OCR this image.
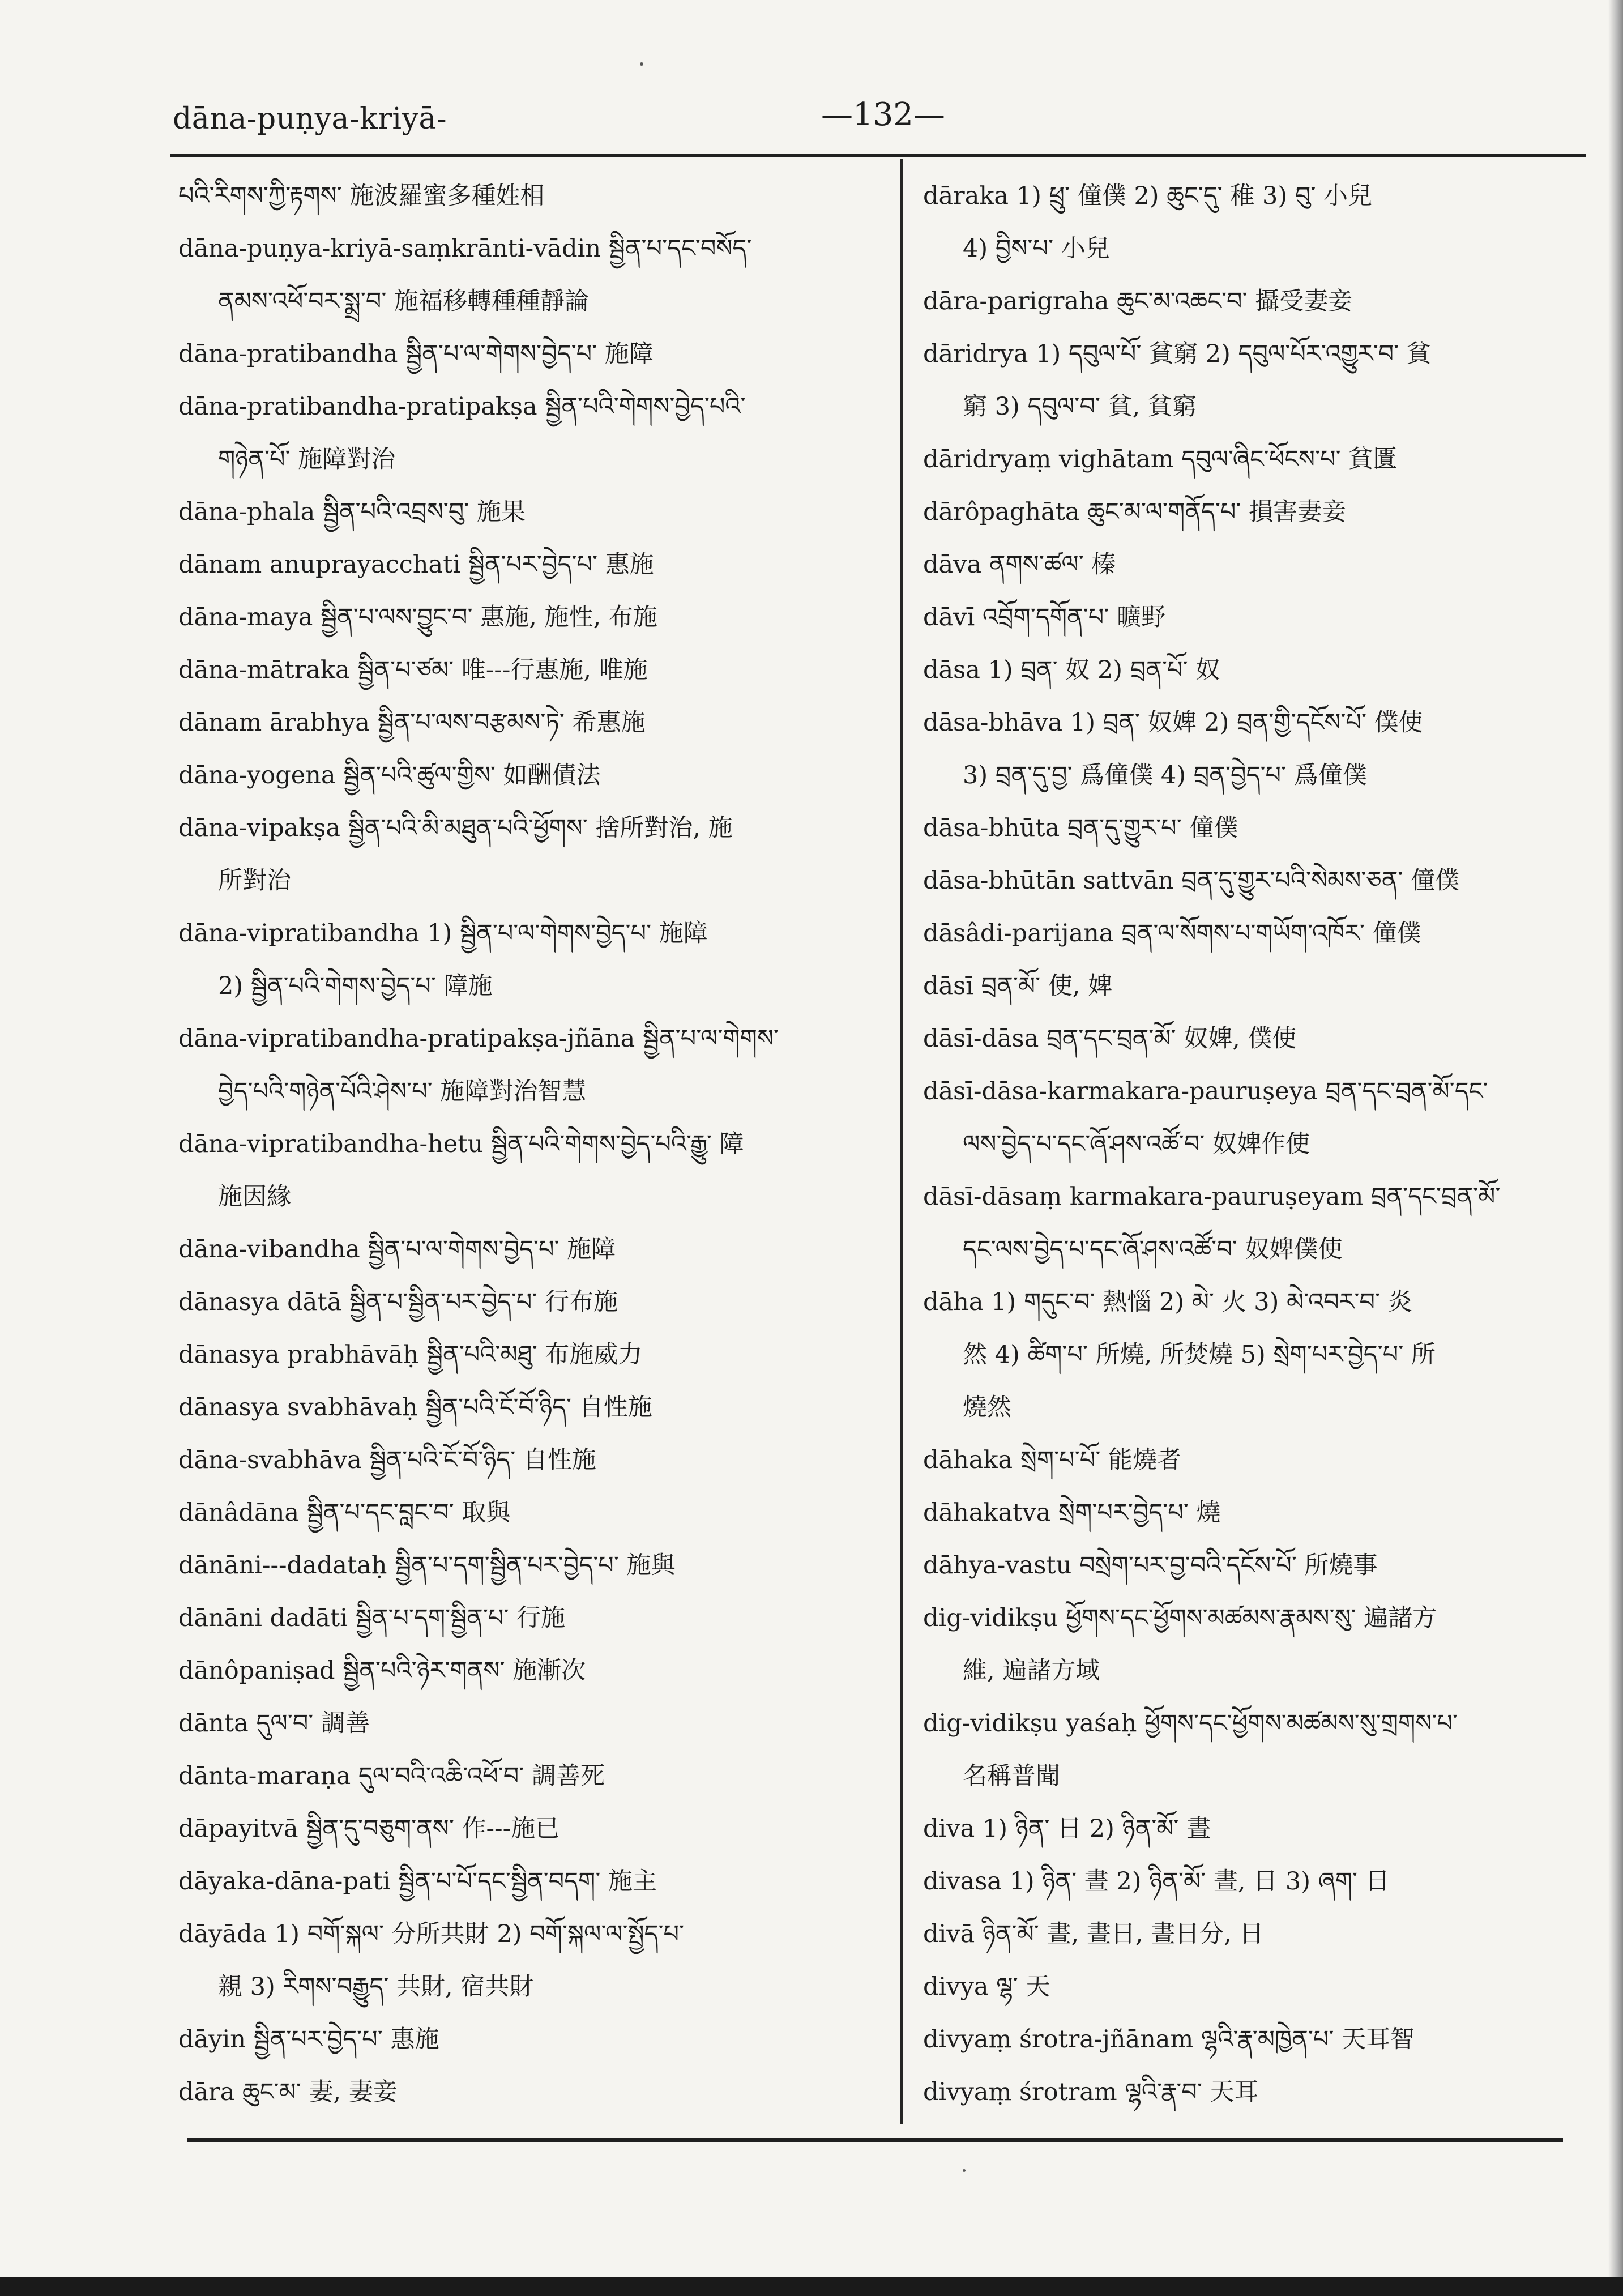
dāna-puṇya-kriyā-	—132—
པའི་རིགས་ཀྱི་རྟགས་ 施波羅蜜多種姓相
dāna-puṇya-kriyā-saṃkrānti-vādin སྦྱིན་པ་དང་བསོད་
ནམས་འཕོ་བར་སྨྲ་བ་ 施福移轉種種靜論
dāna-pratibandha སྦྱིན་པ་ལ་གེགས་བྱེད་པ་ 施障
dāna-pratibandha-pratipakṣa སྦྱིན་པའི་གེགས་བྱེད་པའི་
གཉེན་པོ་ 施障對治
dāna-phala སྦྱིན་པའི་འབྲས་བུ་ 施果
dānam anuprayacchati སྦྱིན་པར་བྱེད་པ་ 惠施
dāna-maya སྦྱིན་པ་ལས་བྱུང་བ་ 惠施, 施性, 布施
dāna-mātraka སྦྱིན་པ་ཙམ་ 唯---行惠施, 唯施
dānam ārabhya སྦྱིན་པ་ལས་བརྩམས་ཏེ་ 希惠施
dāna-yogena སྦྱིན་པའི་ཚུལ་གྱིས་ 如酬債法
dāna-vipakṣa སྦྱིན་པའི་མི་མཐུན་པའི་ཕྱོགས་ 捨所對治, 施
所對治
dāna-vipratibandha 1) སྦྱིན་པ་ལ་གེགས་བྱེད་པ་ 施障
2) སྦྱིན་པའི་གེགས་བྱེད་པ་ 障施
dāna-vipratibandha-pratipakṣa-jñāna སྦྱིན་པ་ལ་གེགས་
བྱེད་པའི་གཉེན་པོའི་ཤེས་པ་ 施障對治智慧
dāna-vipratibandha-hetu སྦྱིན་པའི་གེགས་བྱེད་པའི་རྒྱུ་ 障
施因緣
dāna-vibandha སྦྱིན་པ་ལ་གེགས་བྱེད་པ་ 施障
dānasya dātā སྦྱིན་པ་སྦྱིན་པར་བྱེད་པ་ 行布施
dānasya prabhāvāḥ སྦྱིན་པའི་མཐུ་ 布施威力
dānasya svabhāvaḥ སྦྱིན་པའི་ངོ་བོ་ཉིད་ 自性施
dāna-svabhāva སྦྱིན་པའི་ངོ་བོ་ཉིད་ 自性施
dānâdāna སྦྱིན་པ་དང་བླང་བ་ 取與
dānāni---dadataḥ སྦྱིན་པ་དག་སྦྱིན་པར་བྱེད་པ་ 施與
dānāni dadāti སྦྱིན་པ་དག་སྦྱིན་པ་ 行施
dānôpaniṣad སྦྱིན་པའི་ཉེར་གནས་ 施漸次
dānta དུལ་བ་ 調善
dānta-maraṇa དུལ་བའི་འཆི་འཕོ་བ་ 調善死
dāpayitvā སྦྱིན་དུ་བཅུག་ནས་ 作---施已
dāyaka-dāna-pati སྦྱིན་པ་པོ་དང་སྦྱིན་བདག་ 施主
dāyāda 1) བགོ་སྐལ་ 分所共財 2) བགོ་སྐལ་ལ་སྤྱོད་པ་
親 3) རིགས་བརྒྱུད་ 共財, 宿共財
dāyin སྦྱིན་པར་བྱེད་པ་ 惠施
dāra ཆུང་མ་ 妻, 妻妾
dāraka 1) ཕྲུ་ 僮僕 2) ཆུང་དུ་ 稚 3) བུ་ 小兒
4) བྱིས་པ་ 小兒
dāra-parigraha ཆུང་མ་འཆང་བ་ 攝受妻妾
dāridrya 1) དབུལ་པོ་ 貧窮 2) དབུལ་པོར་འགྱུར་བ་ 貧
窮 3) དབུལ་བ་ 貧, 貧窮
dāridryaṃ vighātam དབུལ་ཞིང་ཕོངས་པ་ 貧匱
dārôpaghāta ཆུང་མ་ལ་གནོད་པ་ 損害妻妾
dāva ནགས་ཚལ་ 榛
dāvī འབྲོག་དགོན་པ་ 曠野
dāsa 1) བྲན་ 奴 2) བྲན་པོ་ 奴
dāsa-bhāva 1) བྲན་ 奴婢 2) བྲན་གྱི་དངོས་པོ་ 僕使
3) བྲན་དུ་བྱ་ 爲僮僕 4) བྲན་བྱེད་པ་ 爲僮僕
dāsa-bhūta བྲན་དུ་གྱུར་པ་ 僮僕
dāsa-bhūtān sattvān བྲན་དུ་གྱུར་པའི་སེམས་ཅན་ 僮僕
dāsâdi-parijana བྲན་ལ་སོགས་པ་གཡོག་འཁོར་ 僮僕
dāsī བྲན་མོ་ 使, 婢
dāsī-dāsa བྲན་དང་བྲན་མོ་ 奴婢, 僕使
dāsī-dāsa-karmakara-pauruṣeya བྲན་དང་བྲན་མོ་དང་
ལས་བྱེད་པ་དང་ཞོ་ཤས་འཚོ་བ་ 奴婢作使
dāsī-dāsaṃ karmakara-pauruṣeyam བྲན་དང་བྲན་མོ་
དང་ལས་བྱེད་པ་དང་ཞོ་ཤས་འཚོ་བ་ 奴婢僕使
dāha 1) གདུང་བ་ 熱惱 2) མེ་ 火 3) མེ་འབར་བ་ 炎
然 4) ཚིག་པ་ 所燒, 所焚燒 5) སྲེག་པར་བྱེད་པ་ 所
燒然
dāhaka སྲེག་པ་པོ་ 能燒者
dāhakatva སྲེག་པར་བྱེད་པ་ 燒
dāhya-vastu བསྲེག་པར་བྱ་བའི་དངོས་པོ་ 所燒事
dig-vidikṣu ཕྱོགས་དང་ཕྱོགས་མཚམས་རྣམས་སུ་ 遍諸方
維, 遍諸方域
dig-vidikṣu yaśaḥ ཕྱོགས་དང་ཕྱོགས་མཚམས་སུ་གྲགས་པ་
名稱普聞
diva 1) ཉིན་ 日 2) ཉིན་མོ་ 晝
divasa 1) ཉིན་ 晝 2) ཉིན་མོ་ 晝, 日 3) ཞག་ 日
divā ཉིན་མོ་ 晝, 晝日, 晝日分, 日
divya ལྷ་ 天
divyaṃ śrotra-jñānam ལྷའི་རྣ་མཁྱེན་པ་ 天耳智
divyaṃ śrotram ལྷའི་རྣ་བ་ 天耳
